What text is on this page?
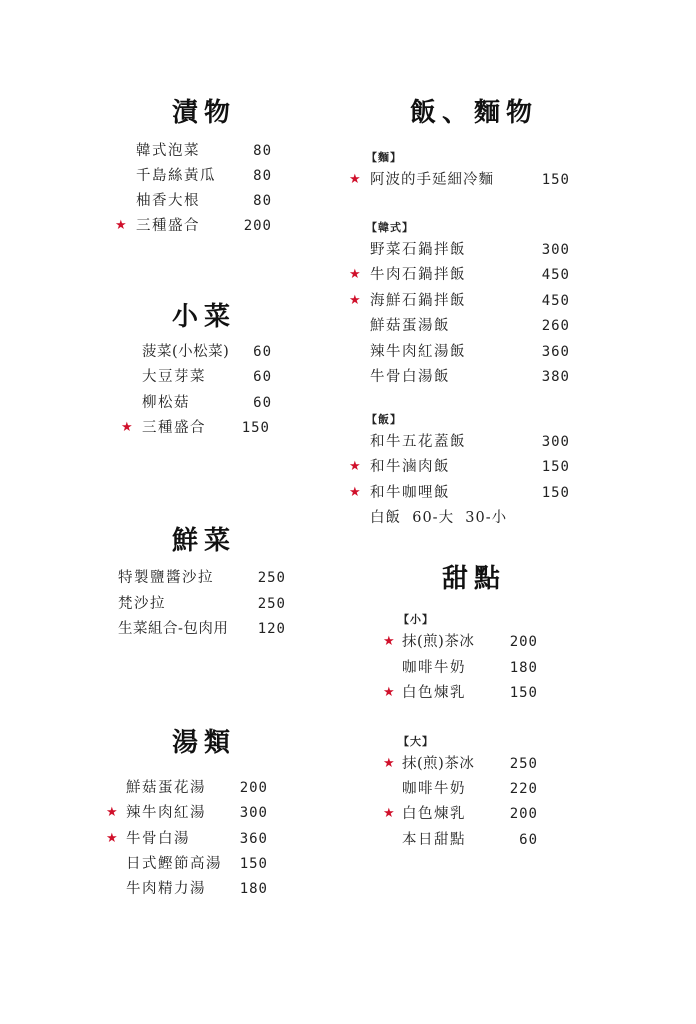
漬物
韓式泡菜	80
千島絲黃瓜	80
柚香大根	80
★ 三種盛合	200
小菜
菠菜(小松菜)	60
大豆芽菜	60
柳松菇	60
★ 三種盛合	150
鮮菜
特製鹽醬沙拉	250
梵沙拉	250
生菜組合-包肉用	120
湯類
鮮菇蛋花湯	200
★ 辣牛肉紅湯	300
★ 牛骨白湯	360
日式鰹節高湯	150
牛肉精力湯	180
飯、麵物
【麵】
★ 阿波的手延細冷麵	150
【韓式】
野菜石鍋拌飯	300
★ 牛肉石鍋拌飯	450
★ 海鮮石鍋拌飯	450
鮮菇蛋湯飯	260
辣牛肉紅湯飯	360
牛骨白湯飯	380
【飯】
和牛五花蓋飯	300
★ 和牛滷肉飯	150
★ 和牛咖哩飯	150
白飯  60-大  30-小
甜點
【小】
★ 抹(煎)茶冰	200
咖啡牛奶	180
★ 白色煉乳	150
【大】
★ 抹(煎)茶冰	250
咖啡牛奶	220
★ 白色煉乳	200
本日甜點	60
